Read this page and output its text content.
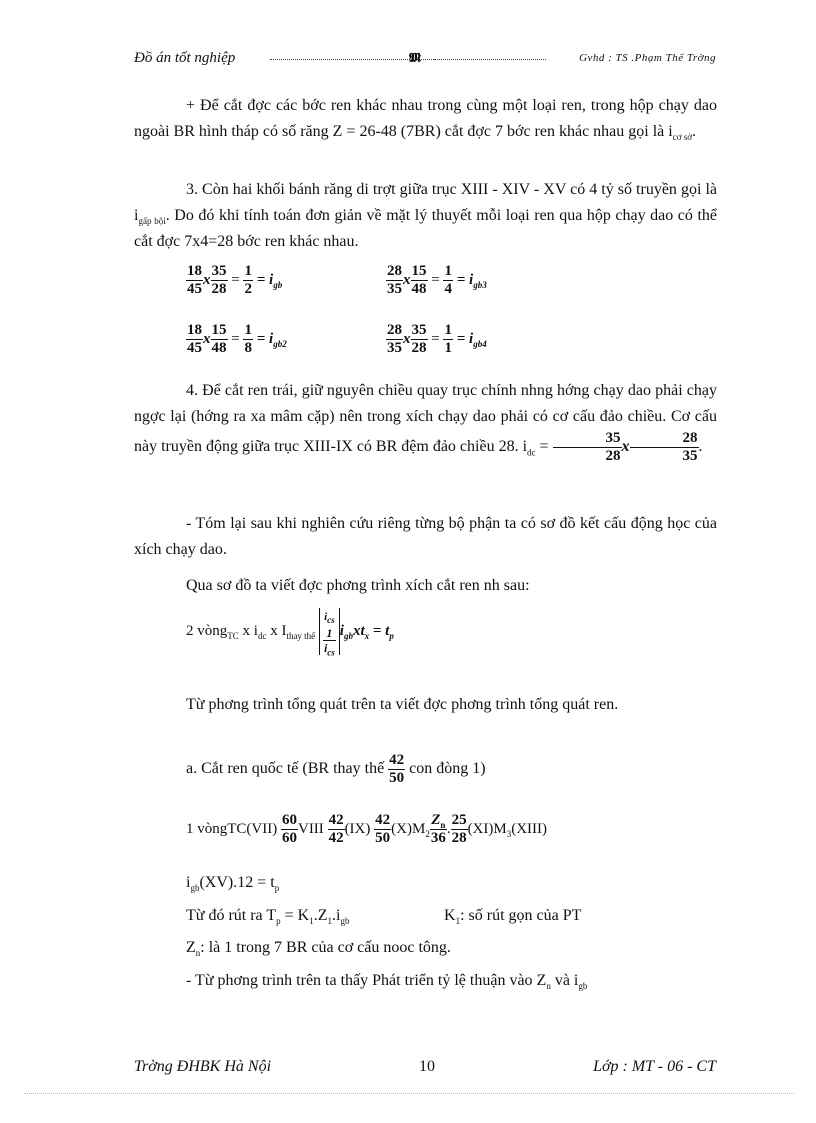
Đồ án tốt nghiệp	𝕸	Gvhd : TS .Phạm Thế Trờng
+ Để cắt đợc các bớc ren khác nhau trong cùng một loại ren, trong hộp chạy dao ngoài BR hình tháp có số răng Z = 26-48 (7BR) cắt đợc 7 bớc ren khác nhau gọi là $i_{cơ sở}$.
3. Còn hai khối bánh răng di trợt giữa trục XIII - XIV - XV có 4 tỷ số truyền gọi là $i_{gấp bội}$. Do đó khi tính toán đơn giản về mặt lý thuyết mỗi loại ren qua hộp chạy dao có thể cắt đợc 7x4=28 bớc ren khác nhau.
$\frac{18}{45}$ x $\frac{35}{28} = \frac{1}{2} = i_{gb}$	$\frac{28}{35}$ x $\frac{15}{48} = \frac{1}{4} = i_{gb3}$
$\frac{18}{45}$ x $\frac{15}{48} = \frac{1}{8} = i_{gb2}$	$\frac{28}{35}$ x $\frac{35}{28} = \frac{1}{1} = i_{gb4}$
4. Để cắt ren trái, giữ nguyên chiều quay trục chính nhng hớng chạy dao phải chạy ngợc lại (hớng ra xa mâm cặp) nên trong xích chạy dao phải có cơ cấu đảo chiều. Cơ cấu này truyền động giữa trục XIII-IX có BR đệm đảo chiều 28. $i_{dc} = \frac{35}{28}$ x $\frac{28}{35}$ .
- Tóm lại sau khi nghiên cứu riêng từng bộ phận ta có sơ đồ kết cấu động học của xích chạy dao.
Qua sơ đồ ta viết đợc phơng trình xích cắt ren nh sau:
2 vòng$_{TC}$ x $i_{dc}$ x $I_{thay thế}$
$i_{cs}$
$\frac{1}{i_{cs}} i_{gb}xt_x = t_p$
Từ phơng trình tổng quát trên ta viết đợc phơng trình tổng quát ren.
a. Cắt ren quốc tế (BR thay thế $\frac{42}{50}$ con đòng 1)
1 vòngTC(VII) $\frac{60}{60}$ VIII $\frac{42}{42} (IX) \frac{42}{50} (X)M_2 \frac{Z_n}{36}$ . $\frac{25}{28}$ $(XI)M_3(XIII)$
$i_{gb}(XV).12 = t_p$
Từ đó rút ra $T_p = K_1.Z_1.i_{gb}$	$K_1$: số rút gọn của PT
$Z_n$: là 1 trong 7 BR của cơ cấu nooc tông.
- Từ phơng trình trên ta thấy Phát triển tỷ lệ thuận vào $Z_n$ và $i_{gb}$
Trờng ĐHBK Hà Nội	10	Lớp : MT - 06 - CT
